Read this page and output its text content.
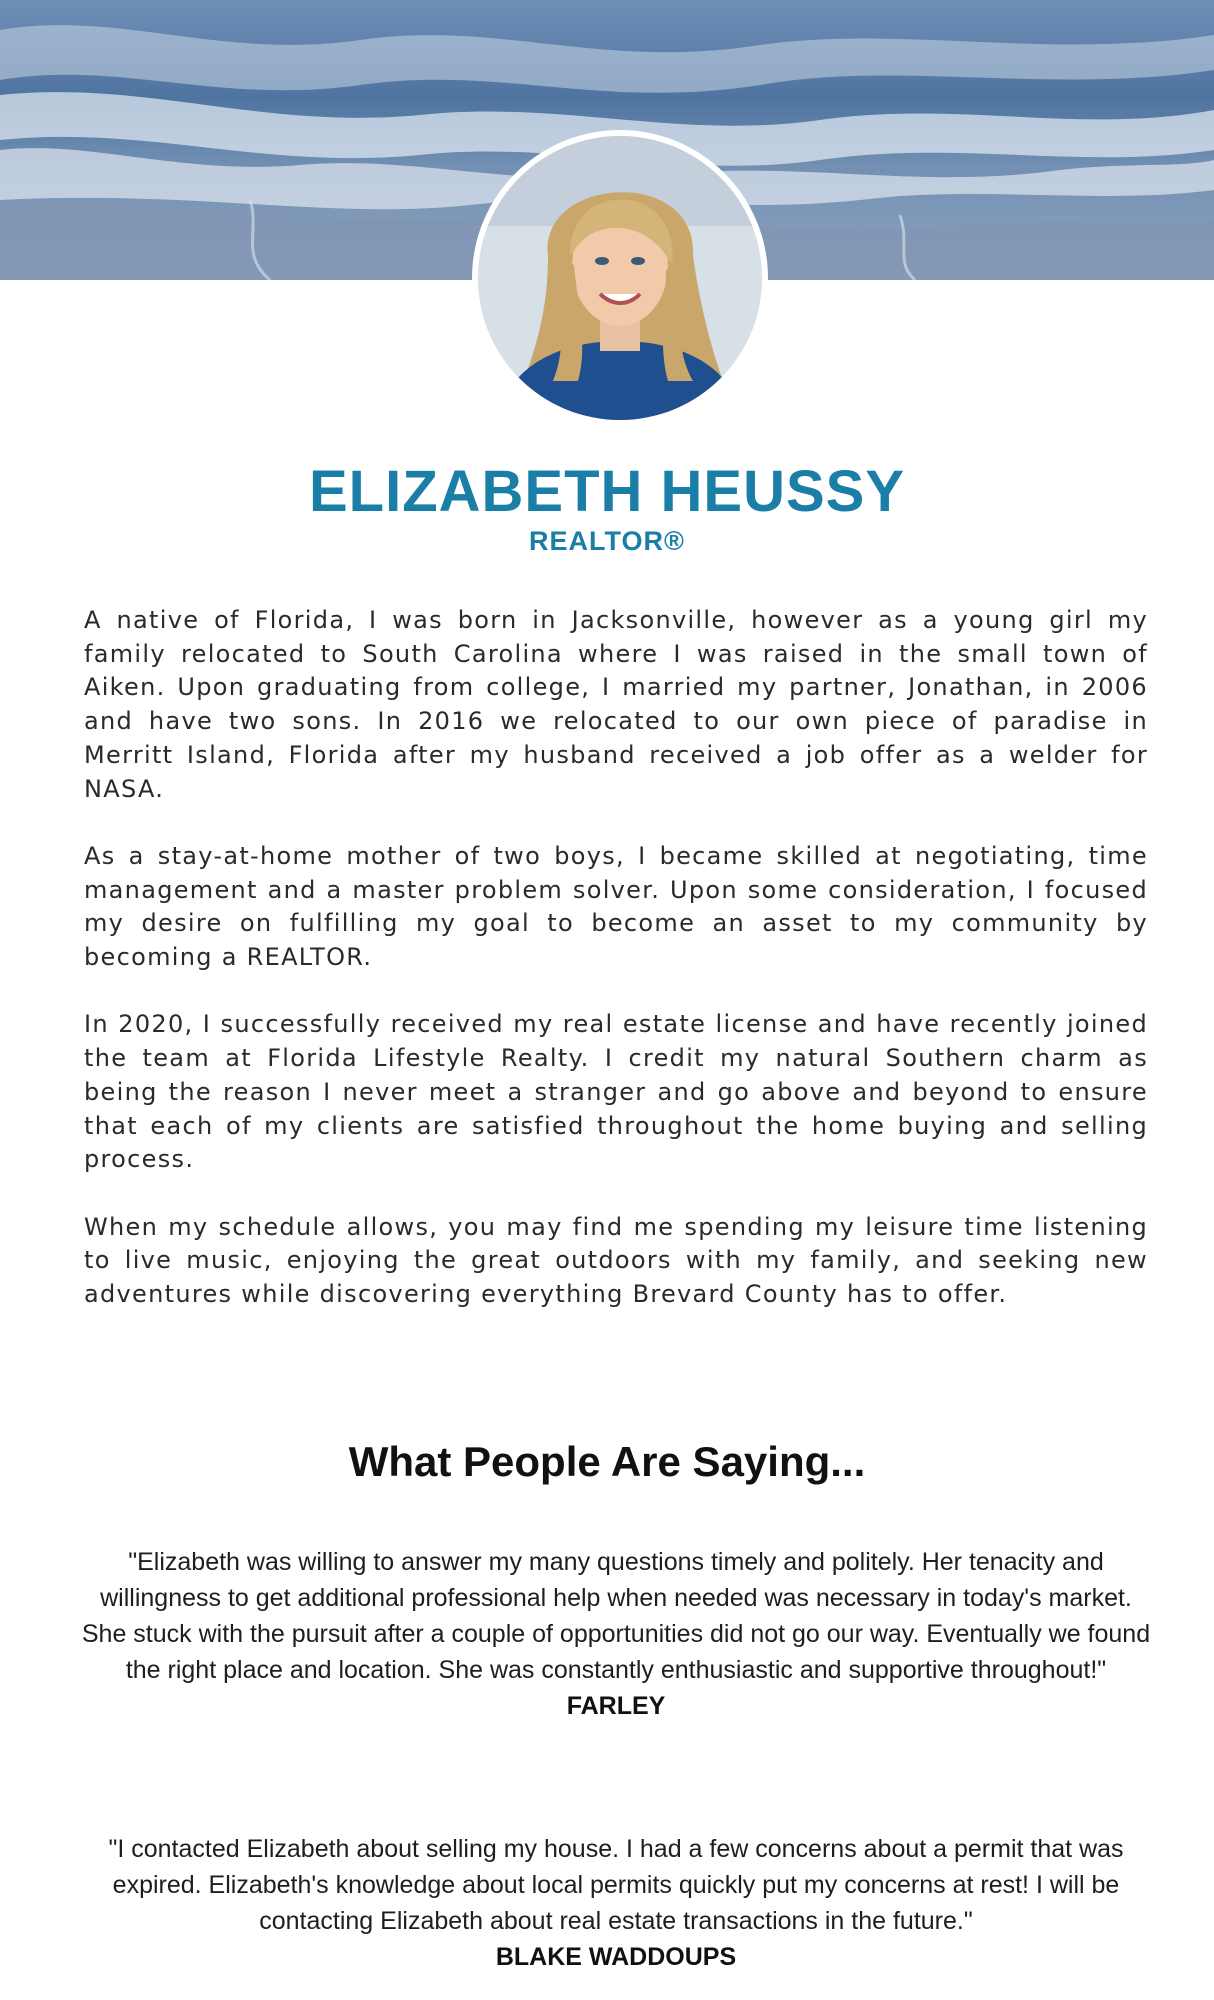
ELIZABETH HEUSSY
REALTOR®

A native of Florida, I was born in Jacksonville, however as a young girl my family relocated to South Carolina where I was raised in the small town of Aiken. Upon graduating from college, I married my partner, Jonathan, in 2006 and have two sons. In 2016 we relocated to our own piece of paradise in Merritt Island, Florida after my husband received a job offer as a welder for NASA.

As a stay-at-home mother of two boys, I became skilled at negotiating, time management and a master problem solver. Upon some consideration, I focused my desire on fulfilling my goal to become an asset to my community by becoming a REALTOR.

In 2020, I successfully received my real estate license and have recently joined the team at Florida Lifestyle Realty. I credit my natural Southern charm as being the reason I never meet a stranger and go above and beyond to ensure that each of my clients are satisfied throughout the home buying and selling process.

When my schedule allows, you may find me spending my leisure time listening to live music, enjoying the great outdoors with my family, and seeking new adventures while discovering everything Brevard County has to offer.

What People Are Saying...
"Elizabeth was willing to answer my many questions timely and politely. Her tenacity and willingness to get additional professional help when needed was necessary in today's market. She stuck with the pursuit after a couple of opportunities did not go our way. Eventually we found the right place and location. She was constantly enthusiastic and supportive throughout!"
FARLEY
"I contacted Elizabeth about selling my house. I had a few concerns about a permit that was expired. Elizabeth's knowledge about local permits quickly put my concerns at rest! I will be contacting Elizabeth about real estate transactions in the future."
BLAKE WADDOUPS
